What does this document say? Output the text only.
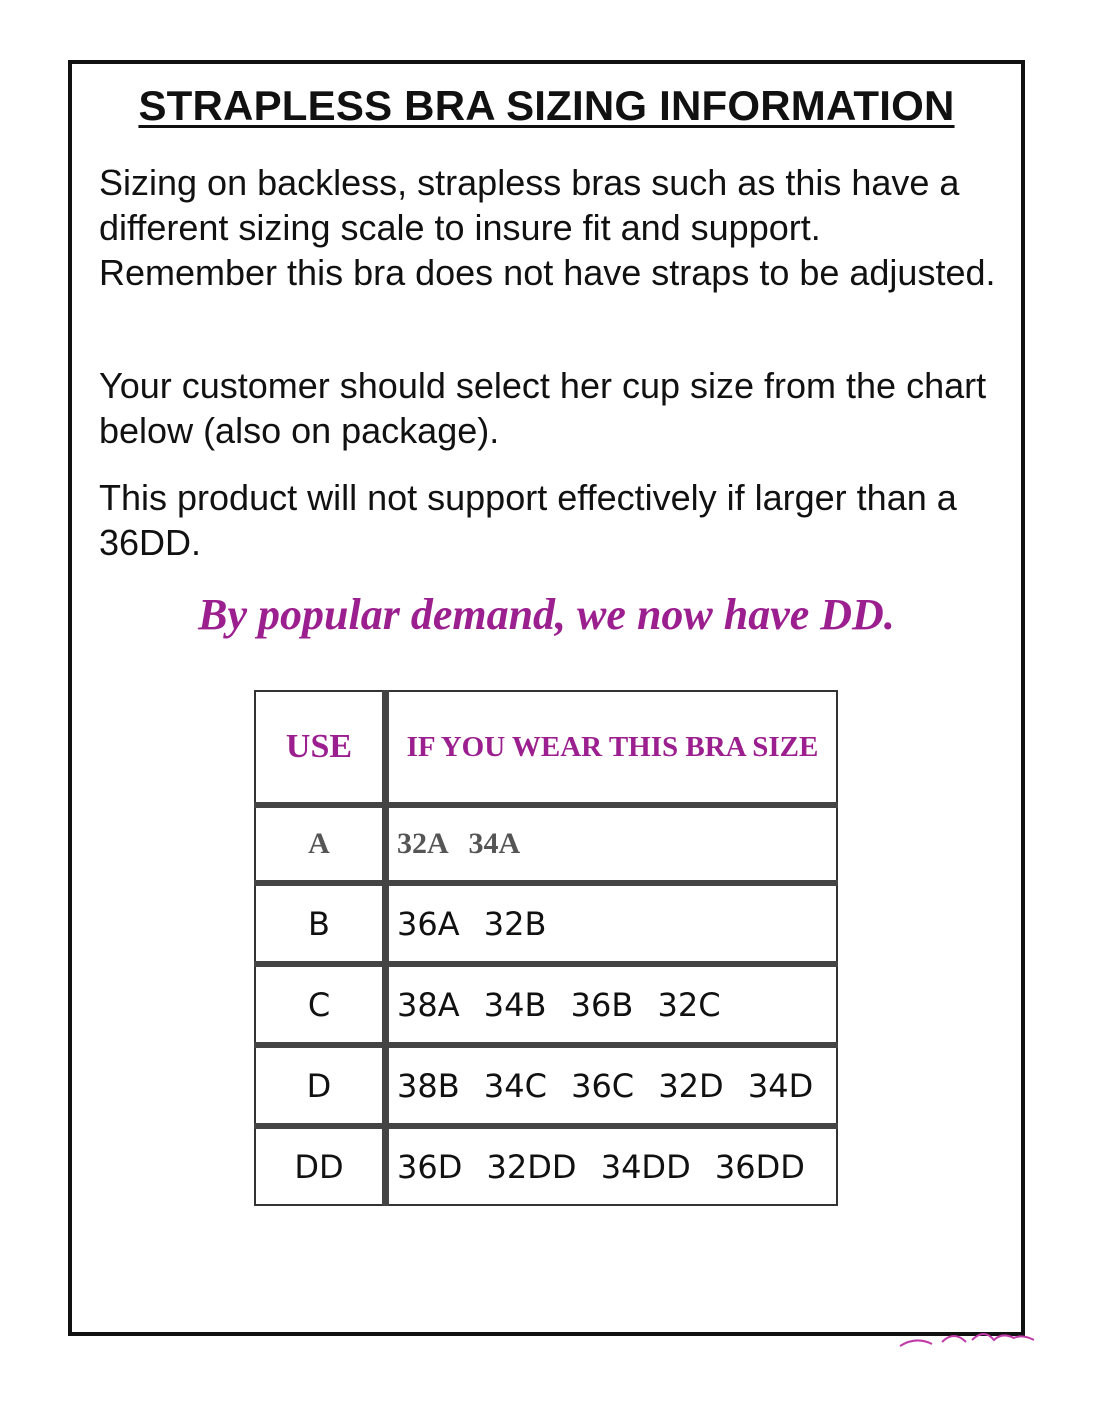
STRAPLESS BRA SIZING INFORMATION
Sizing on backless, strapless bras such as this have a different sizing scale to insure fit and support. Remember this bra does not have straps to be adjusted.
Your customer should select her cup size from the chart below (also on package).
This product will not support effectively if larger than a 36DD.
By popular demand, we now have DD.
USE	IF YOU WEAR THIS BRA SIZE
A	32A 34A
B	36A 32B
C	38A 34B 36B 32C
D	38B 34C 36C 32D 34D
DD	36D 32DD 34DD 36DD
